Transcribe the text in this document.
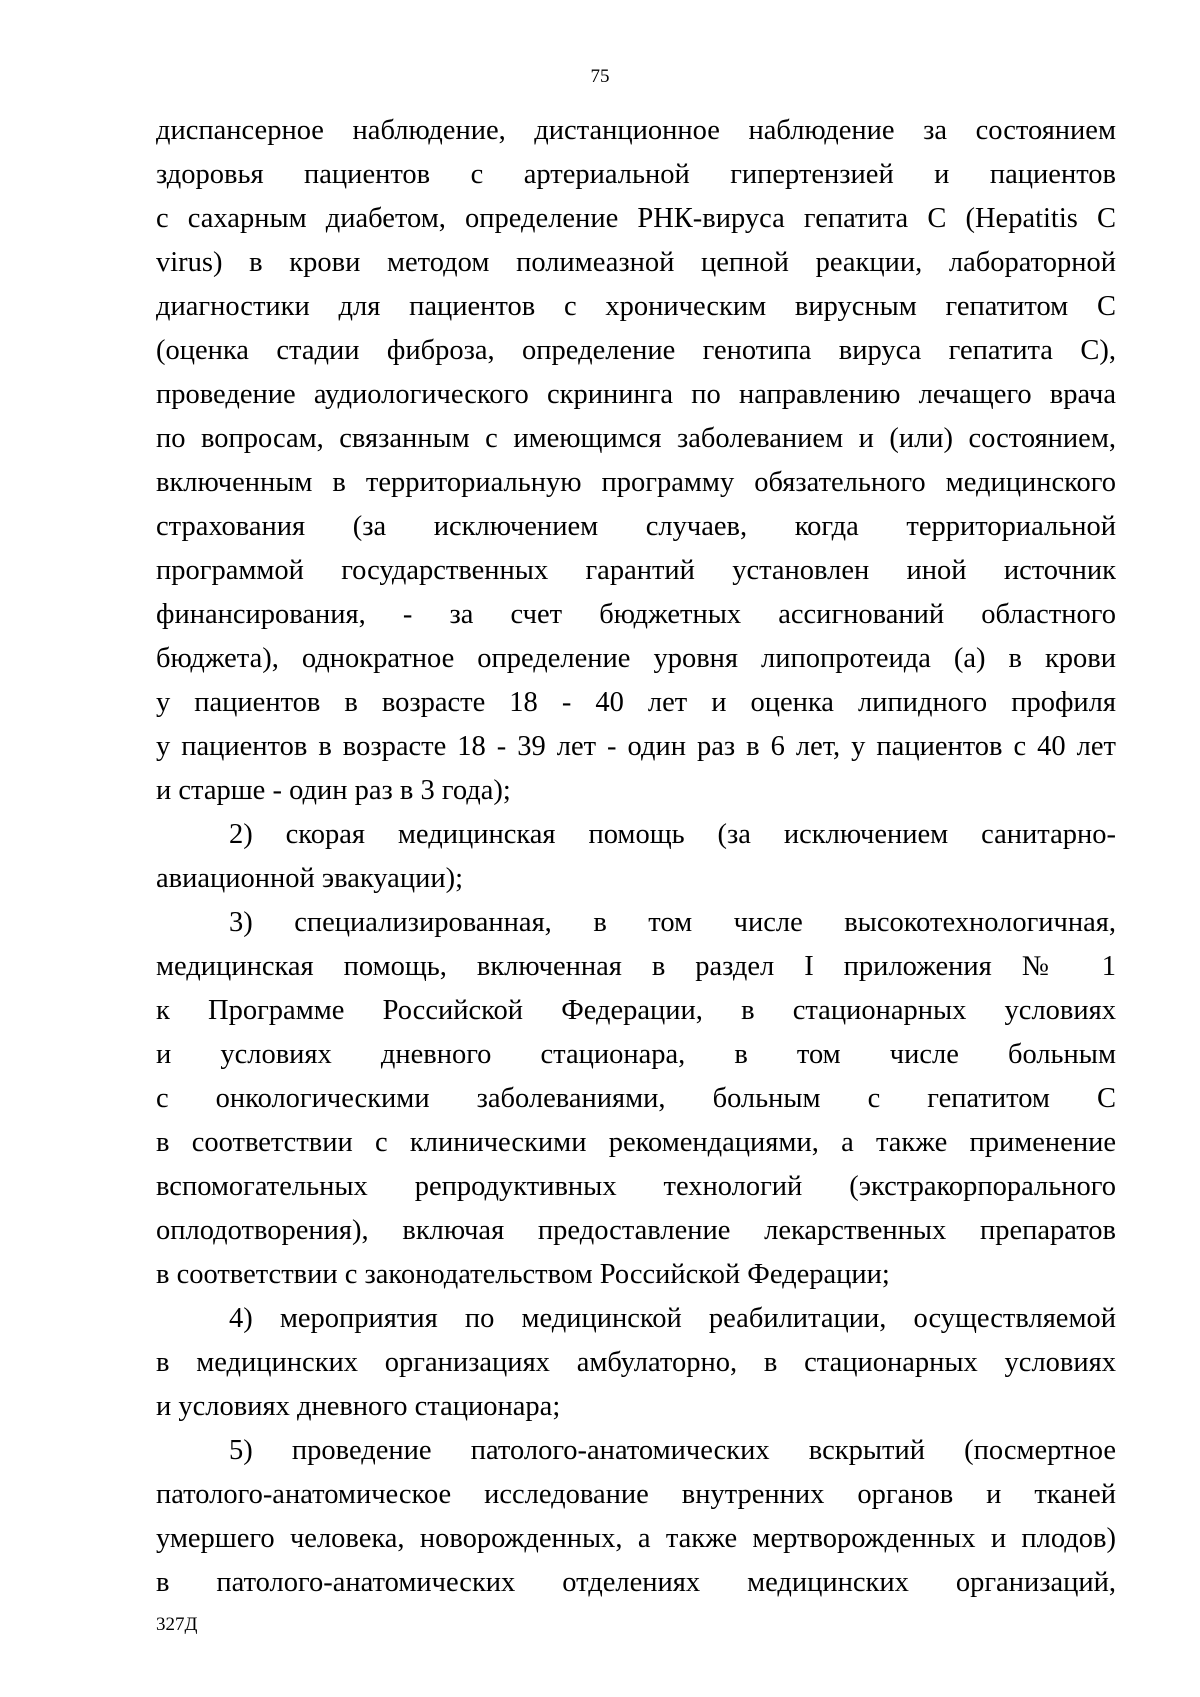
75
диспансерное наблюдение, дистанционное наблюдение за состоянием
здоровья пациентов с артериальной гипертензией и пациентов
с сахарным диабетом, определение РНК-вируса гепатита С (Hepatitis C
virus) в крови методом полимеазной цепной реакции, лабораторной
диагностики для пациентов с хроническим вирусным гепатитом С
(оценка стадии фиброза, определение генотипа вируса гепатита С),
проведение аудиологического скрининга по направлению лечащего врача
по вопросам, связанным с имеющимся заболеванием и (или) состоянием,
включенным в территориальную программу обязательного медицинского
страхования (за исключением случаев, когда территориальной
программой государственных гарантий установлен иной источник
финансирования, - за счет бюджетных ассигнований областного
бюджета), однократное определение уровня липопротеида (а) в крови
у пациентов в возрасте 18 - 40 лет и оценка липидного профиля
у пациентов в возрасте 18 - 39 лет - один раз в 6 лет, у пациентов с 40 лет
и старше - один раз в 3 года);
2) скорая медицинская помощь (за исключением санитарно-
авиационной эвакуации);
3) специализированная, в том числе высокотехнологичная,
медицинская помощь, включенная в раздел I приложения № 1
к Программе Российской Федерации, в стационарных условиях
и условиях дневного стационара, в том числе больным
с онкологическими заболеваниями, больным с гепатитом С
в соответствии с клиническими рекомендациями, а также применение
вспомогательных репродуктивных технологий (экстракорпорального
оплодотворения), включая предоставление лекарственных препаратов
в соответствии с законодательством Российской Федерации;
4) мероприятия по медицинской реабилитации, осуществляемой
в медицинских организациях амбулаторно, в стационарных условиях
и условиях дневного стационара;
5) проведение патолого-анатомических вскрытий (посмертное
патолого-анатомическое исследование внутренних органов и тканей
умершего человека, новорожденных, а также мертворожденных и плодов)
в патолого-анатомических отделениях медицинских организаций,
327Д
